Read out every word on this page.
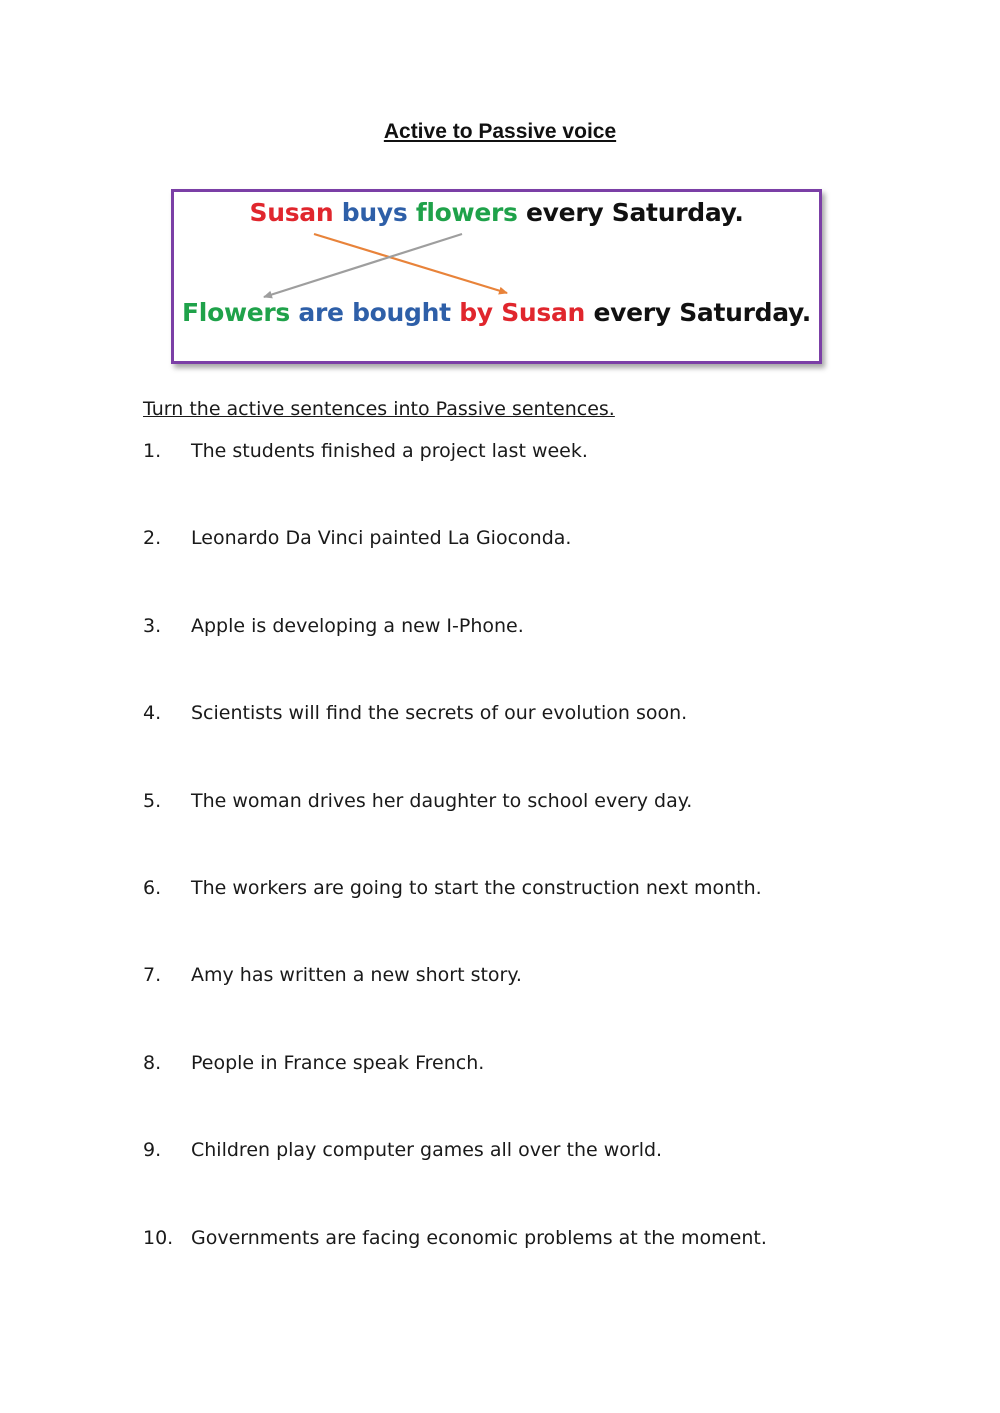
Active to Passive voice
Susan buys flowers every Saturday.
Flowers are bought by Susan every Saturday.
Turn the active sentences into Passive sentences.
1. The students finished a project last week.
2. Leonardo Da Vinci painted La Gioconda.
3. Apple is developing a new I-Phone.
4. Scientists will find the secrets of our evolution soon.
5. The woman drives her daughter to school every day.
6. The workers are going to start the construction next month.
7. Amy has written a new short story.
8. People in France speak French.
9. Children play computer games all over the world.
10. Governments are facing economic problems at the moment.
